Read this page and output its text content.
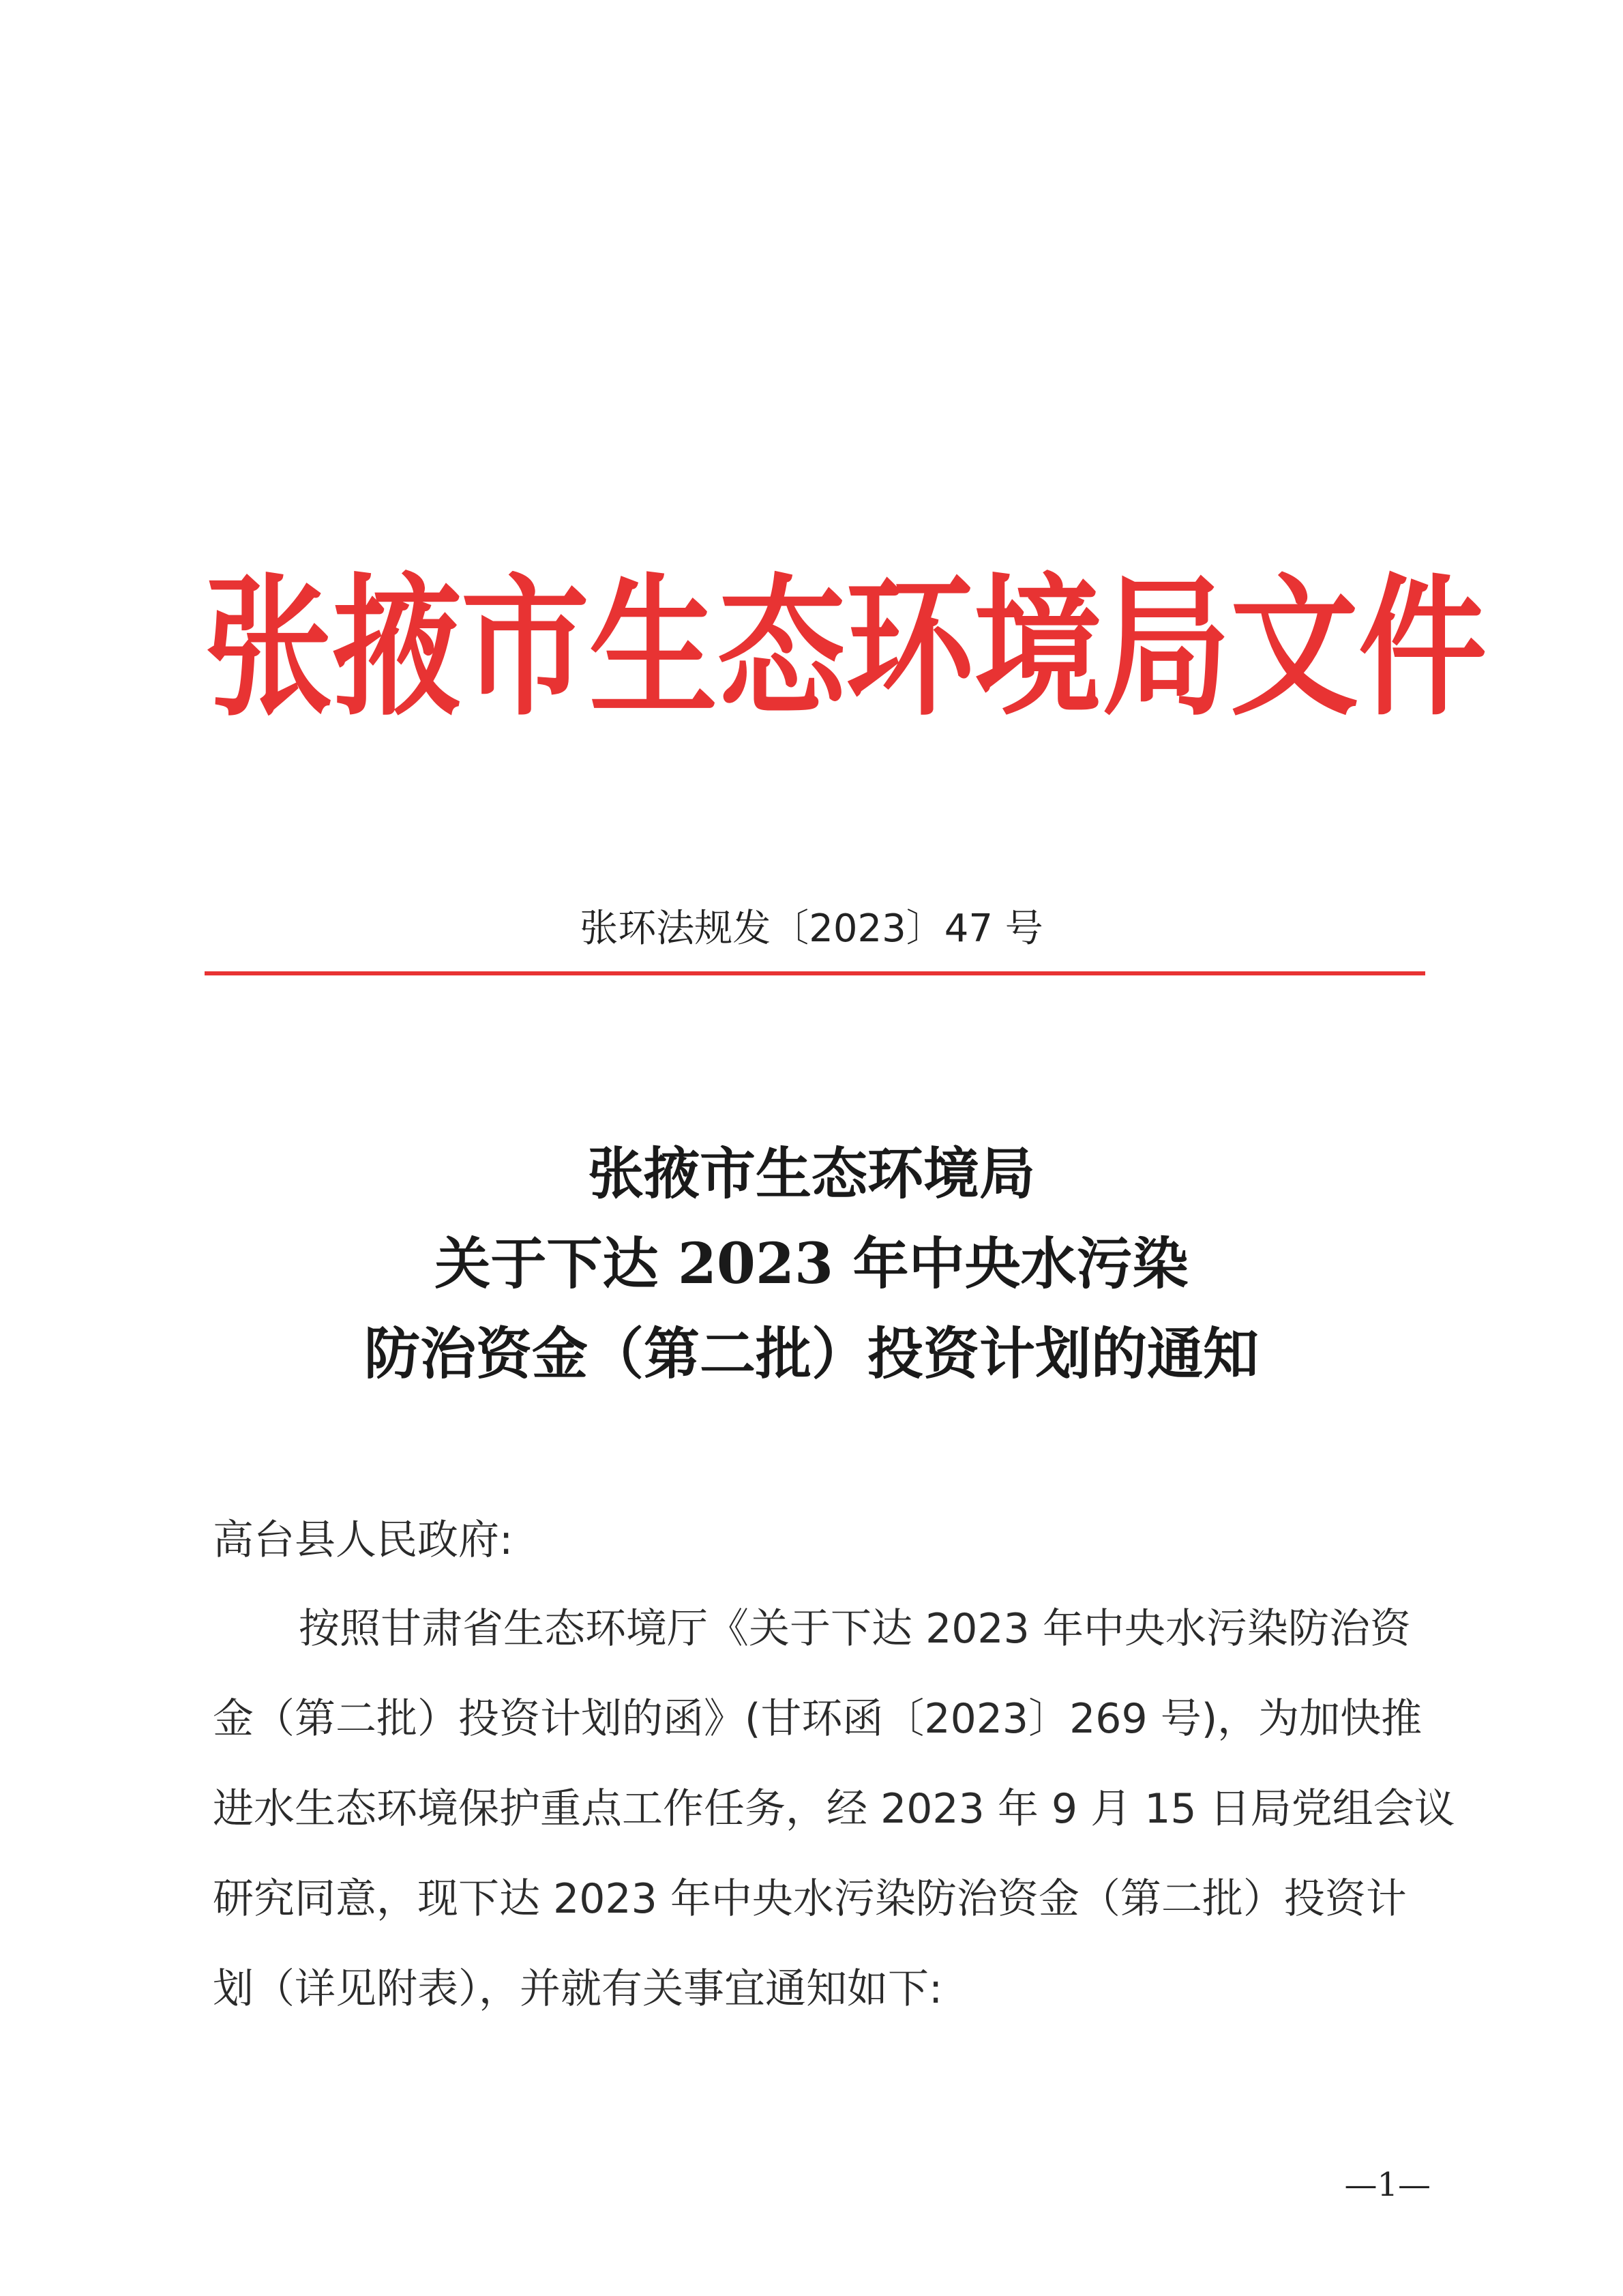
张掖市生态环境局文件
张环法规发〔2023〕47 号
张掖市生态环境局
关于下达 2023 年中央水污染
防治资金（第二批）投资计划的通知

高台县人民政府:

按照甘肃省生态环境厅《关于下达 2023 年中央水污染防治资
金（第二批）投资计划的函》(甘环函〔2023〕269 号)，为加快推
进水生态环境保护重点工作任务，经 2023 年 9 月 15 日局党组会议
研究同意，现下达 2023 年中央水污染防治资金（第二批）投资计
划（详见附表），并就有关事宜通知如下:
—1—
